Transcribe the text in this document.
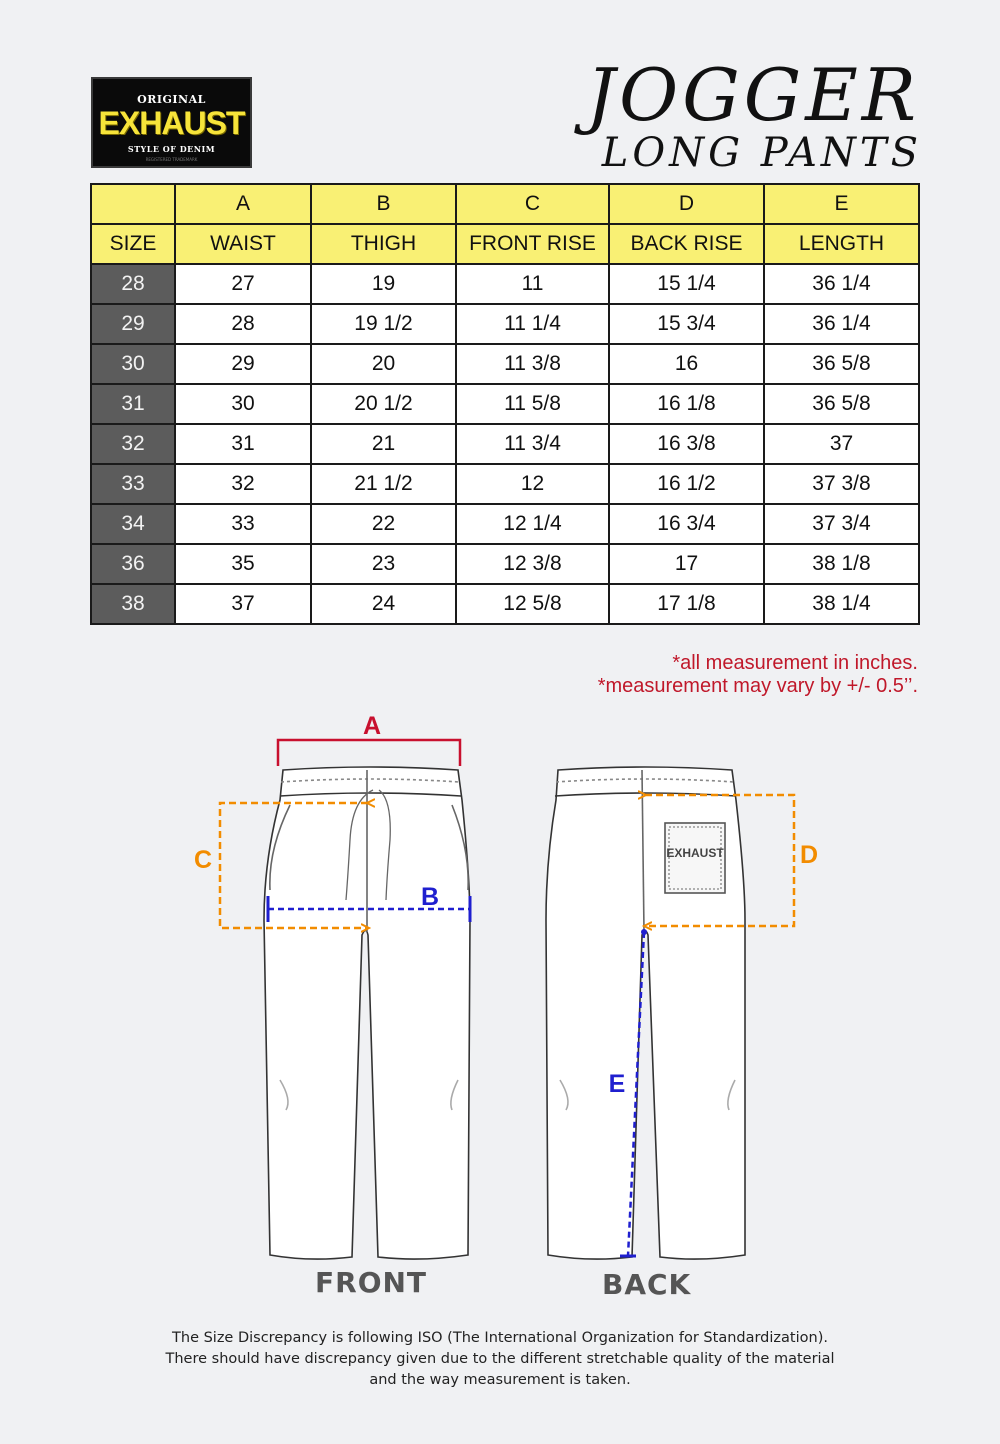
ORIGINAL
EXHAUST
STYLE OF DENIM
REGISTERED TRADEMARK
JOGGER
LONG PANTS
	A	B	C	D	E
SIZE	WAIST	THIGH	FRONT RISE	BACK RISE	LENGTH
28	27	19	11	15 1/4	36 1/4
29	28	19 1/2	11 1/4	15 3/4	36 1/4
30	29	20	11 3/8	16	36 5/8
31	30	20 1/2	11 5/8	16 1/8	36 5/8
32	31	21	11 3/4	16 3/8	37
33	32	21 1/2	12	16 1/2	37 3/8
34	33	22	12 1/4	16 3/4	37 3/4
36	35	23	12 3/8	17	38 1/8
38	37	24	12 5/8	17 1/8	38 1/4
*all measurement in inches.
*measurement may vary by +/- 0.5’’.
A
C
B
EXHAUST	D
E
FRONT	BACK
The Size Discrepancy is following ISO (The International Organization for Standardization).
There should have discrepancy given due to the different stretchable quality of the material
and the way measurement is taken.
